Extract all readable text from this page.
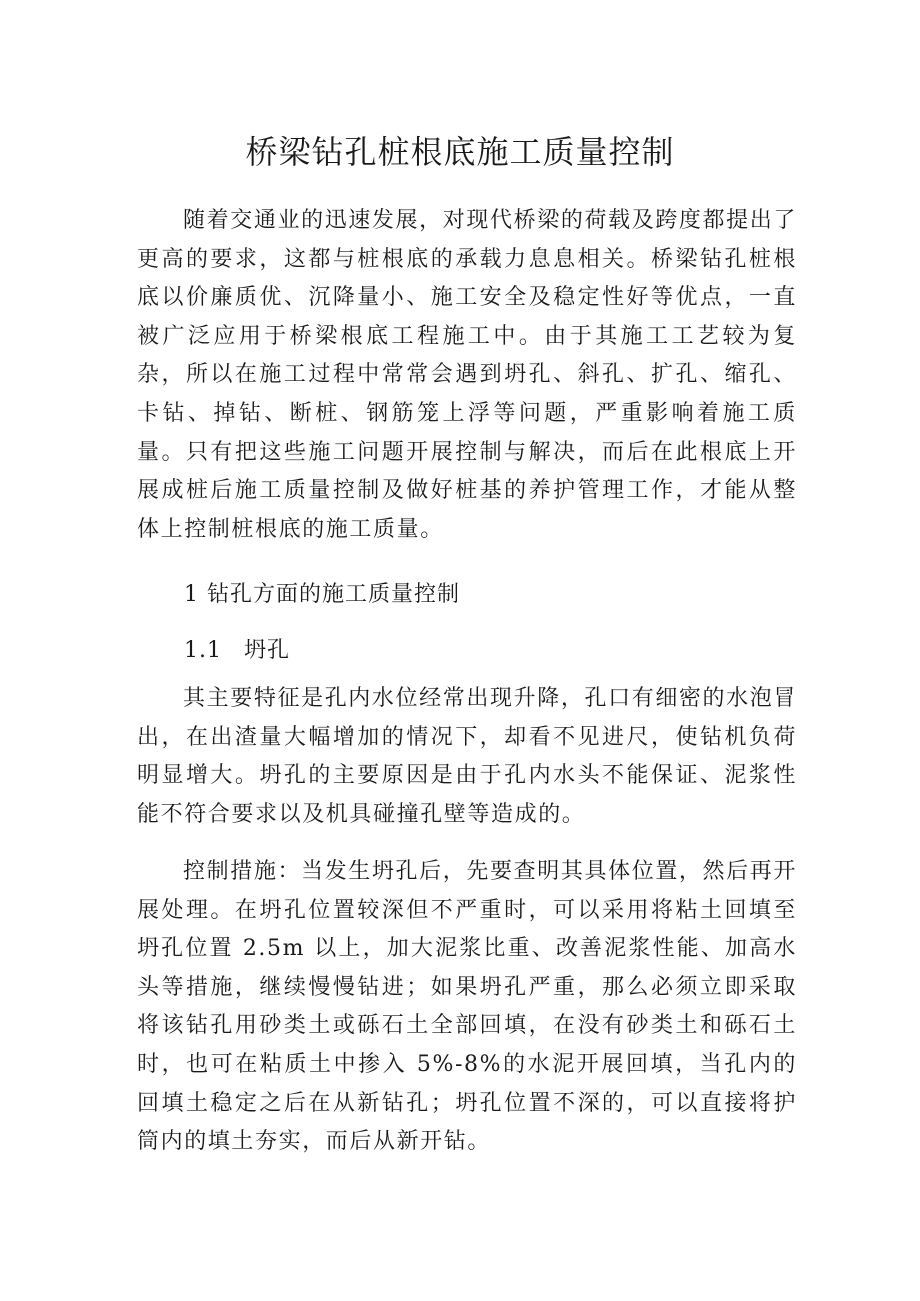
桥梁钻孔桩根底施工质量控制

随着交通业的迅速发展，对现代桥梁的荷载及跨度都提出了更高的要求，这都与桩根底的承载力息息相关。桥梁钻孔桩根底以价廉质优、沉降量小、施工安全及稳定性好等优点，一直被广泛应用于桥梁根底工程施工中。由于其施工工艺较为复杂，所以在施工过程中常常会遇到坍孔、斜孔、扩孔、缩孔、卡钻、掉钻、断桩、钢筋笼上浮等问题，严重影响着施工质量。只有把这些施工问题开展控制与解决，而后在此根底上开展成桩后施工质量控制及做好桩基的养护管理工作，才能从整体上控制桩根底的施工质量。

1 钻孔方面的施工质量控制

1.1 坍孔

其主要特征是孔内水位经常出现升降，孔口有细密的水泡冒出，在出渣量大幅增加的情况下，却看不见进尺，使钻机负荷明显增大。坍孔的主要原因是由于孔内水头不能保证、泥浆性能不符合要求以及机具碰撞孔壁等造成的。

控制措施：当发生坍孔后，先要查明其具体位置，然后再开展处理。在坍孔位置较深但不严重时，可以采用将粘土回填至坍孔位置 2.5m 以上，加大泥浆比重、改善泥浆性能、加高水头等措施，继续慢慢钻进；如果坍孔严重，那么必须立即采取将该钻孔用砂类土或砾石土全部回填，在没有砂类土和砾石土时，也可在粘质土中掺入 5%-8%的水泥开展回填，当孔内的回填土稳定之后在从新钻孔；坍孔位置不深的，可以直接将护筒内的填土夯实，而后从新开钻。
